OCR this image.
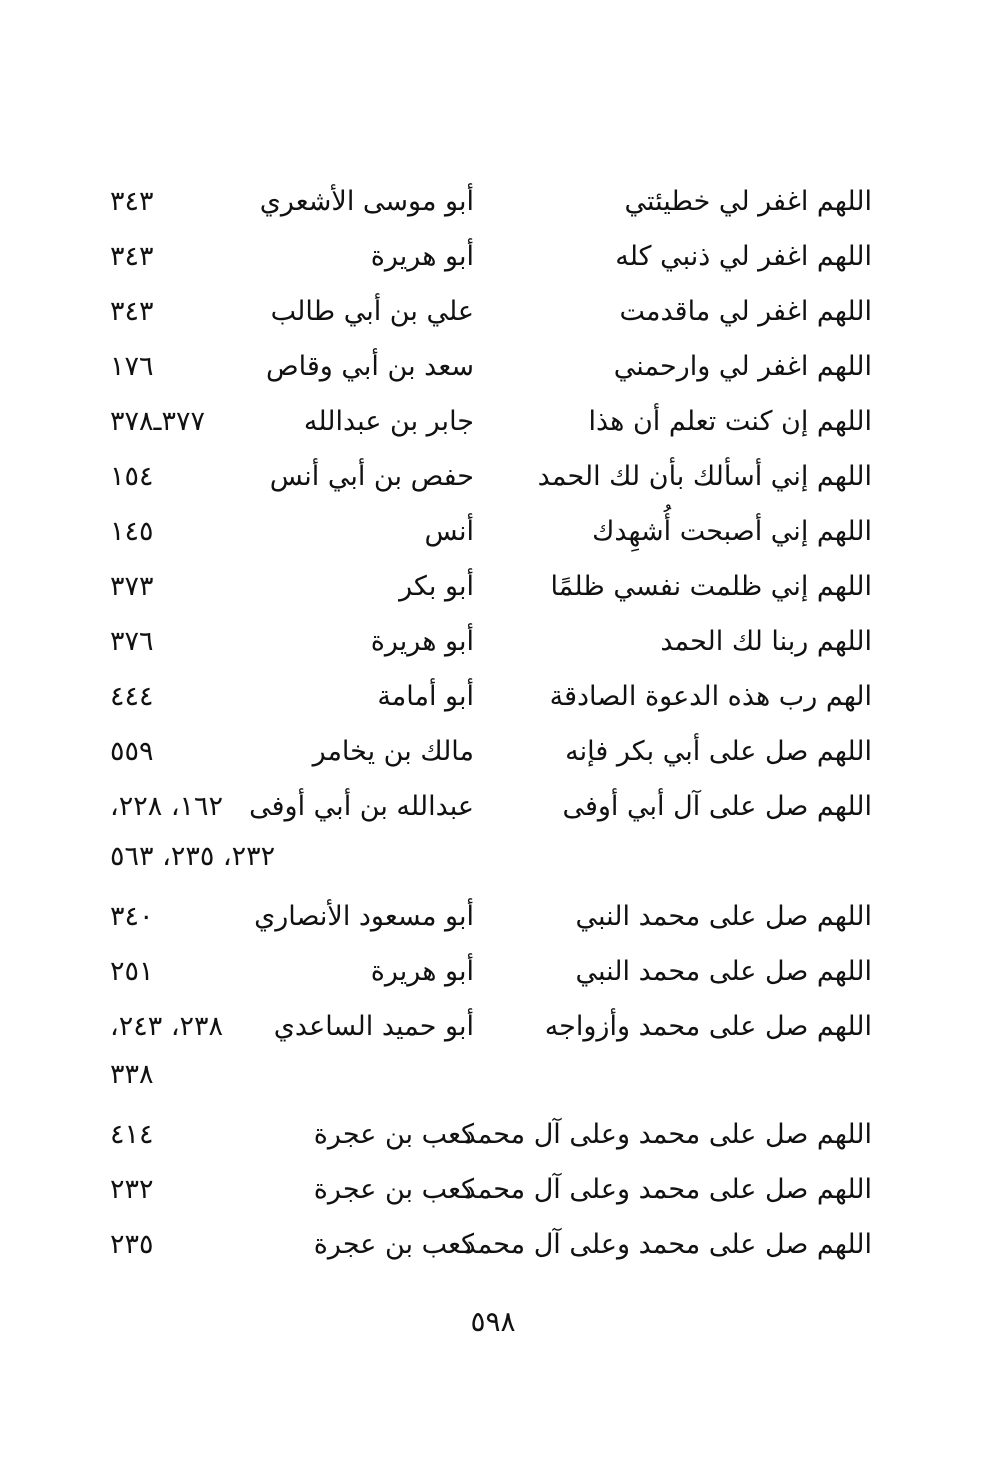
اللهم اغفر لي خطيئتي
أبو موسى الأشعري
٣٤٣
اللهم اغفر لي ذنبي كله
أبو هريرة
٣٤٣
اللهم اغفر لي ماقدمت
علي بن أبي طالب
٣٤٣
اللهم اغفر لي وارحمني
سعد بن أبي وقاص
١٧٦
اللهم إن كنت تعلم أن هذا
جابر بن عبدالله
٣٧٧ـ٣٧٨
اللهم إني أسألك بأن لك الحمد
حفص بن أبي أنس
١٥٤
اللهم إني أصبحت أُشهِدك
أنس
١٤٥
اللهم إني ظلمت نفسي ظلمًا
أبو بكر
٣٧٣
اللهم ربنا لك الحمد
أبو هريرة
٣٧٦
الهم رب هذه الدعوة الصادقة
أبو أمامة
٤٤٤
اللهم صل على أبي بكر فإنه
مالك بن يخامر
٥٥٩
اللهم صل على آل أبي أوفى
عبدالله بن أبي أوفى
١٦٢، ٢٢٨،
٢٣٢، ٢٣٥، ٥٦٣
اللهم صل على محمد النبي
أبو مسعود الأنصاري
٣٤٠
اللهم صل على محمد النبي
أبو هريرة
٢٥١
اللهم صل على محمد وأزواجه
أبو حميد الساعدي
٢٣٨، ٢٤٣،
٣٣٨
اللهم صل على محمد وعلى آل محمد
كعب بن عجرة
٤١٤
اللهم صل على محمد وعلى آل محمد
كعب بن عجرة
٢٣٢
اللهم صل على محمد وعلى آل محمد
كعب بن عجرة
٢٣٥
٥٩٨
